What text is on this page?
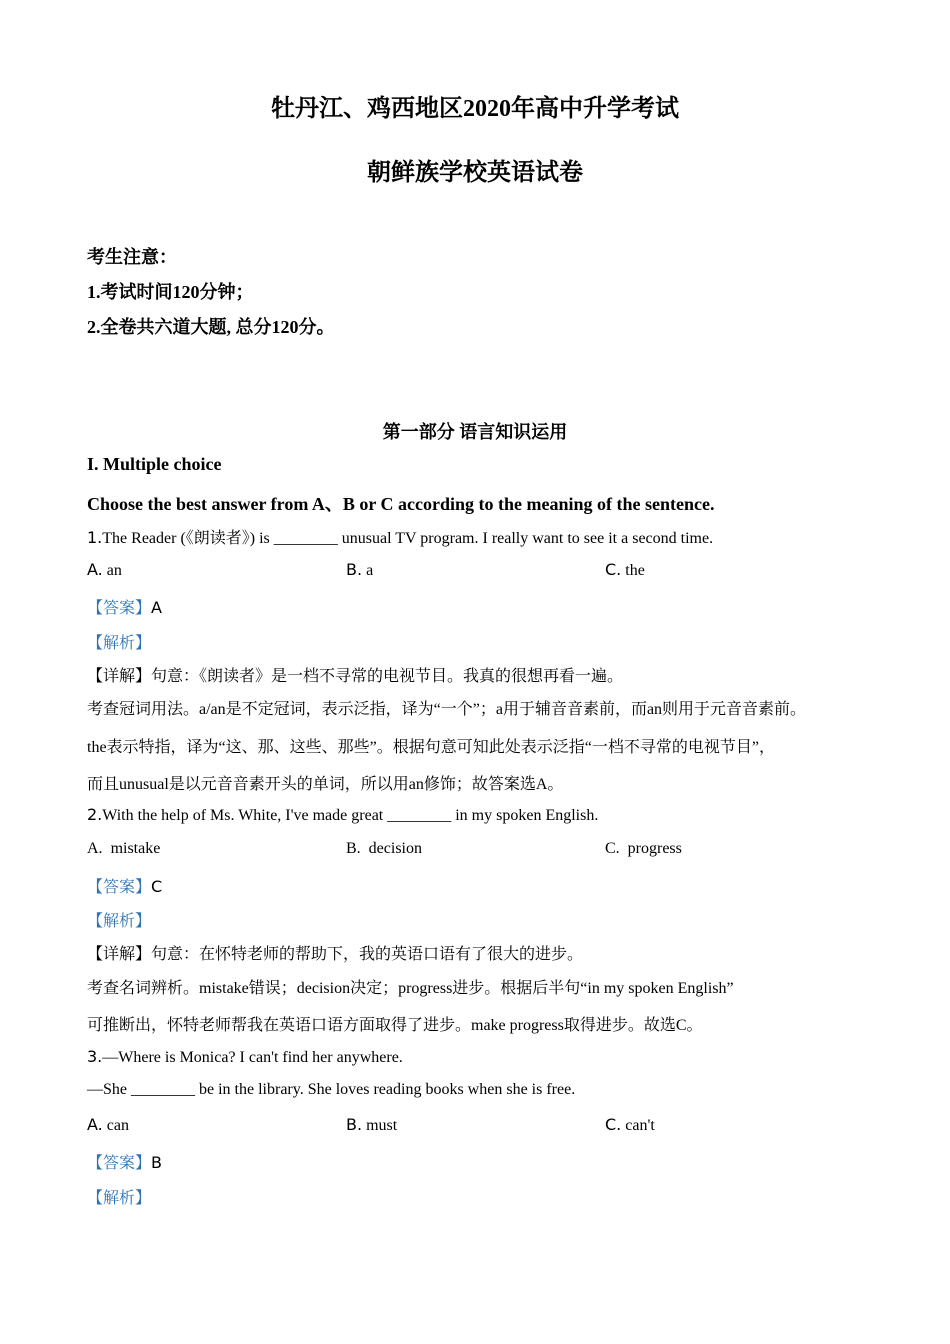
牡丹江、鸡西地区2020年高中升学考试
朝鲜族学校英语试卷
考生注意：
1.考试时间120分钟；
2.全卷共六道大题, 总分120分。
第一部分 语言知识运用
I. Multiple choice
Choose the best answer from A、B or C according to the meaning of the sentence.
1.The Reader (《朗读者》) is ________ unusual TV program. I really want to see it a second time.
A. an	B. a	C. the
【答案】A
【解析】
【详解】句意：《朗读者》是一档不寻常的电视节目。我真的很想再看一遍。
考查冠词用法。a/an是不定冠词，表示泛指，译为“一个”；a用于辅音音素前，而an则用于元音音素前。
the表示特指，译为“这、那、这些、那些”。根据句意可知此处表示泛指“一档不寻常的电视节目”，
而且unusual是以元音音素开头的单词，所以用an修饰；故答案选A。
2.With the help of Ms. White, I've made great ________ in my spoken English.
A. mistake	B. decision	C. progress
【答案】C
【解析】
【详解】句意：在怀特老师的帮助下，我的英语口语有了很大的进步。
考查名词辨析。mistake错误；decision决定；progress进步。根据后半句“in my spoken English”
可推断出，怀特老师帮我在英语口语方面取得了进步。make progress取得进步。故选C。
3.—Where is Monica? I can't find her anywhere.
—She ________ be in the library. She loves reading books when she is free.
A. can	B. must	C. can't
【答案】B
【解析】
